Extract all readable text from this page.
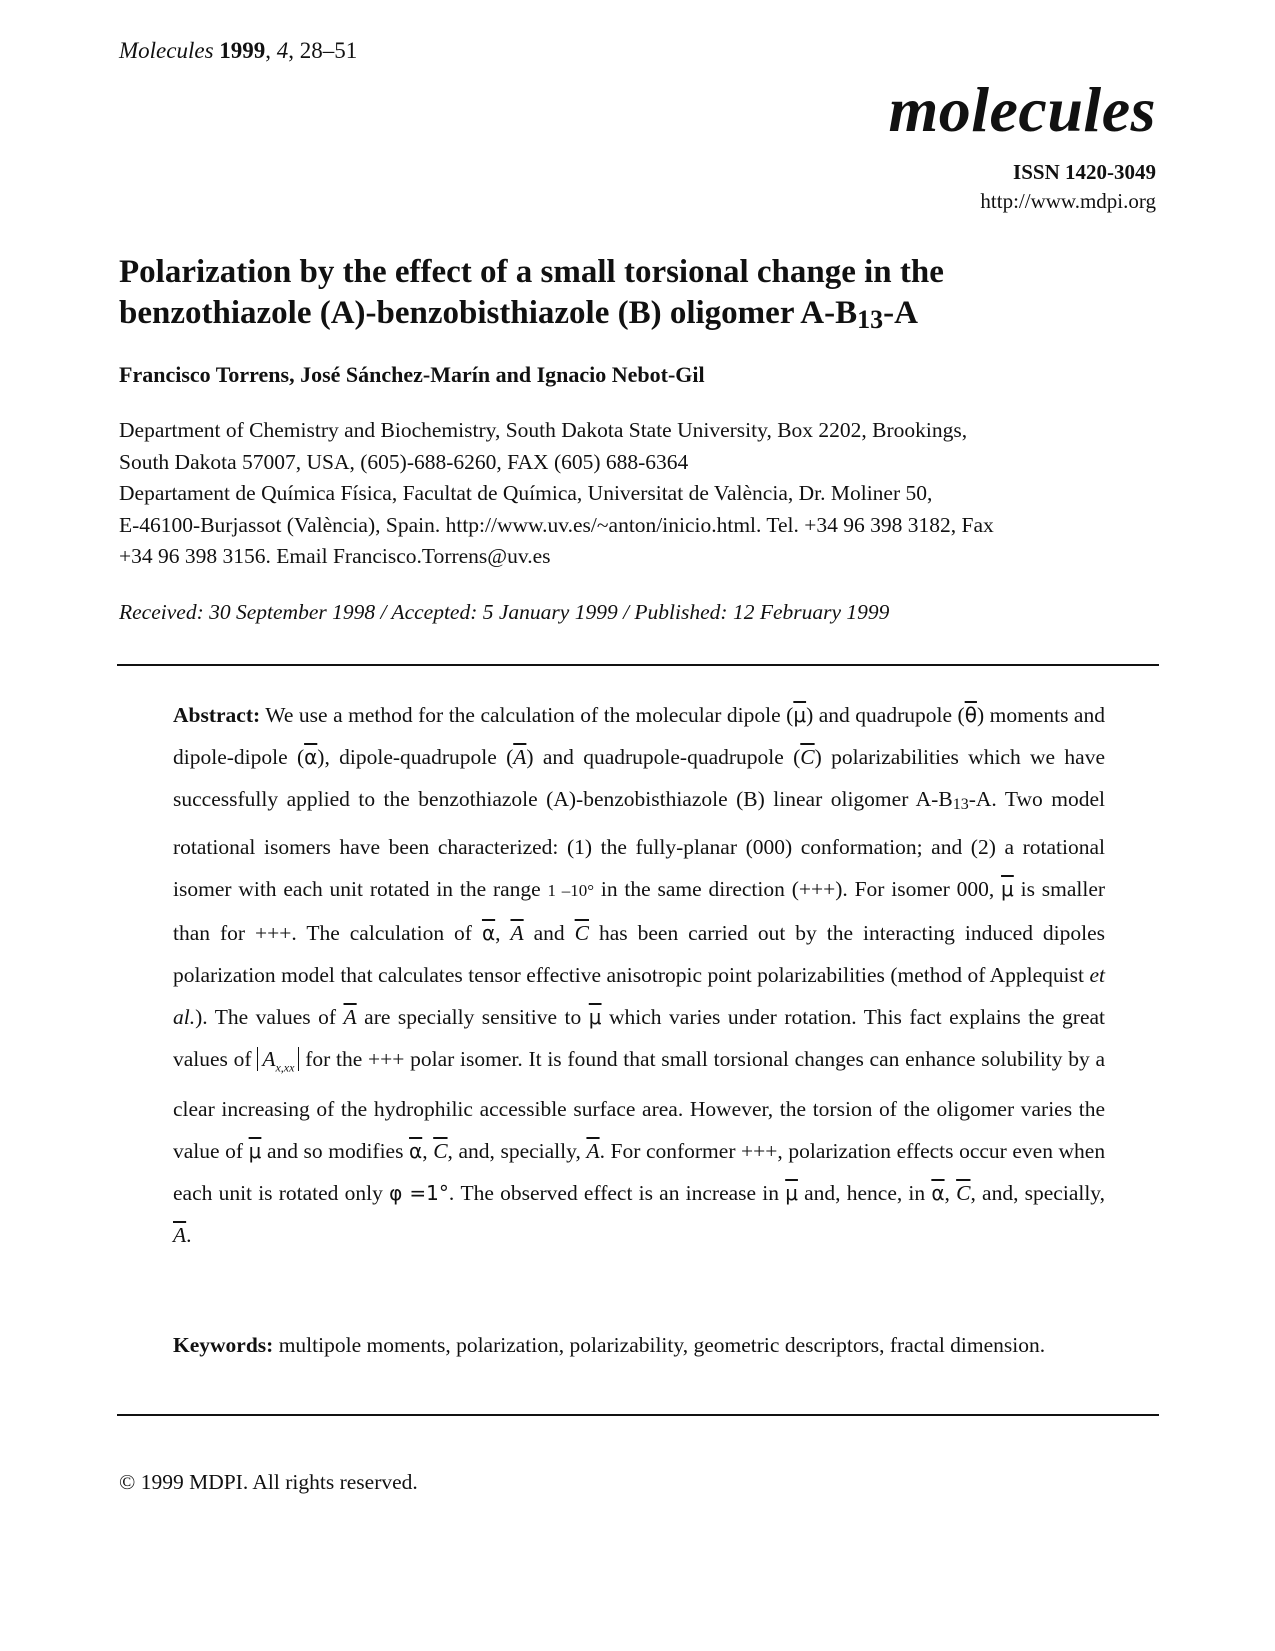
Molecules 1999, 4, 28–51
molecules
ISSN 1420-3049
http://www.mdpi.org
Polarization by the effect of a small torsional change in the
benzothiazole (A)-benzobisthiazole (B) oligomer A-B13-A
Francisco Torrens, José Sánchez-Marín and Ignacio Nebot-Gil
Department of Chemistry and Biochemistry, South Dakota State University, Box 2202, Brookings,
South Dakota 57007, USA, (605)-688-6260, FAX (605) 688-6364
Departament de Química Física, Facultat de Química, Universitat de València, Dr. Moliner 50,
E-46100-Burjassot (València), Spain. http://www.uv.es/~anton/inicio.html. Tel. +34 96 398 3182, Fax
+34 96 398 3156. Email Francisco.Torrens@uv.es
Received: 30 September 1998 / Accepted: 5 January 1999 / Published: 12 February 1999

Abstract: We use a method for the calculation of the molecular dipole $(\overline{\mu})$ and quadrupole $(\overline{\theta})$ moments and dipole-dipole $(\overline{\alpha})$, dipole-quadrupole $(\overline{A})$ and quadrupole-quadrupole $(\overline{C})$ polarizabilities which we have successfully applied to the benzothiazole (A)-benzobisthiazole (B) linear oligomer $A-B_{13}-A$. Two model rotational isomers have been characterized: (1) the fully-planar (000) conformation; and (2) a rotational isomer with each unit rotated in the range 1 –10° in the same direction (+++). For isomer 000, $\overline{\mu}$ is smaller than for +++. The calculation of $\overline{\alpha}$, $\overline{A}$ and $\overline{C}$ has been carried out by the interacting induced dipoles polarization model that calculates tensor effective anisotropic point polarizabilities (method of Applequist et al.). The values of $\overline{A}$ are specially sensitive to $\overline{\mu}$ which varies under rotation. This fact explains the great values of $A_{x,xx}$ for the +++ polar isomer. It is found that small torsional changes can enhance solubility by a clear increasing of the hydrophilic accessible surface area. However, the torsion of the oligomer varies the value of $\overline{\mu}$ and so modifies $\overline{\alpha}$, $\overline{C}$, and, specially, $\overline{A}$. For conformer +++, polarization effects occur even when each unit is rotated only φ =1°. The observed effect is an increase in $\overline{\mu}$ and, hence, in $\overline{\alpha}$, $\overline{C}$, and, specially, $\overline{A}$.

Keywords: multipole moments, polarization, polarizability, geometric descriptors, fractal dimension.
© 1999 MDPI. All rights reserved.
